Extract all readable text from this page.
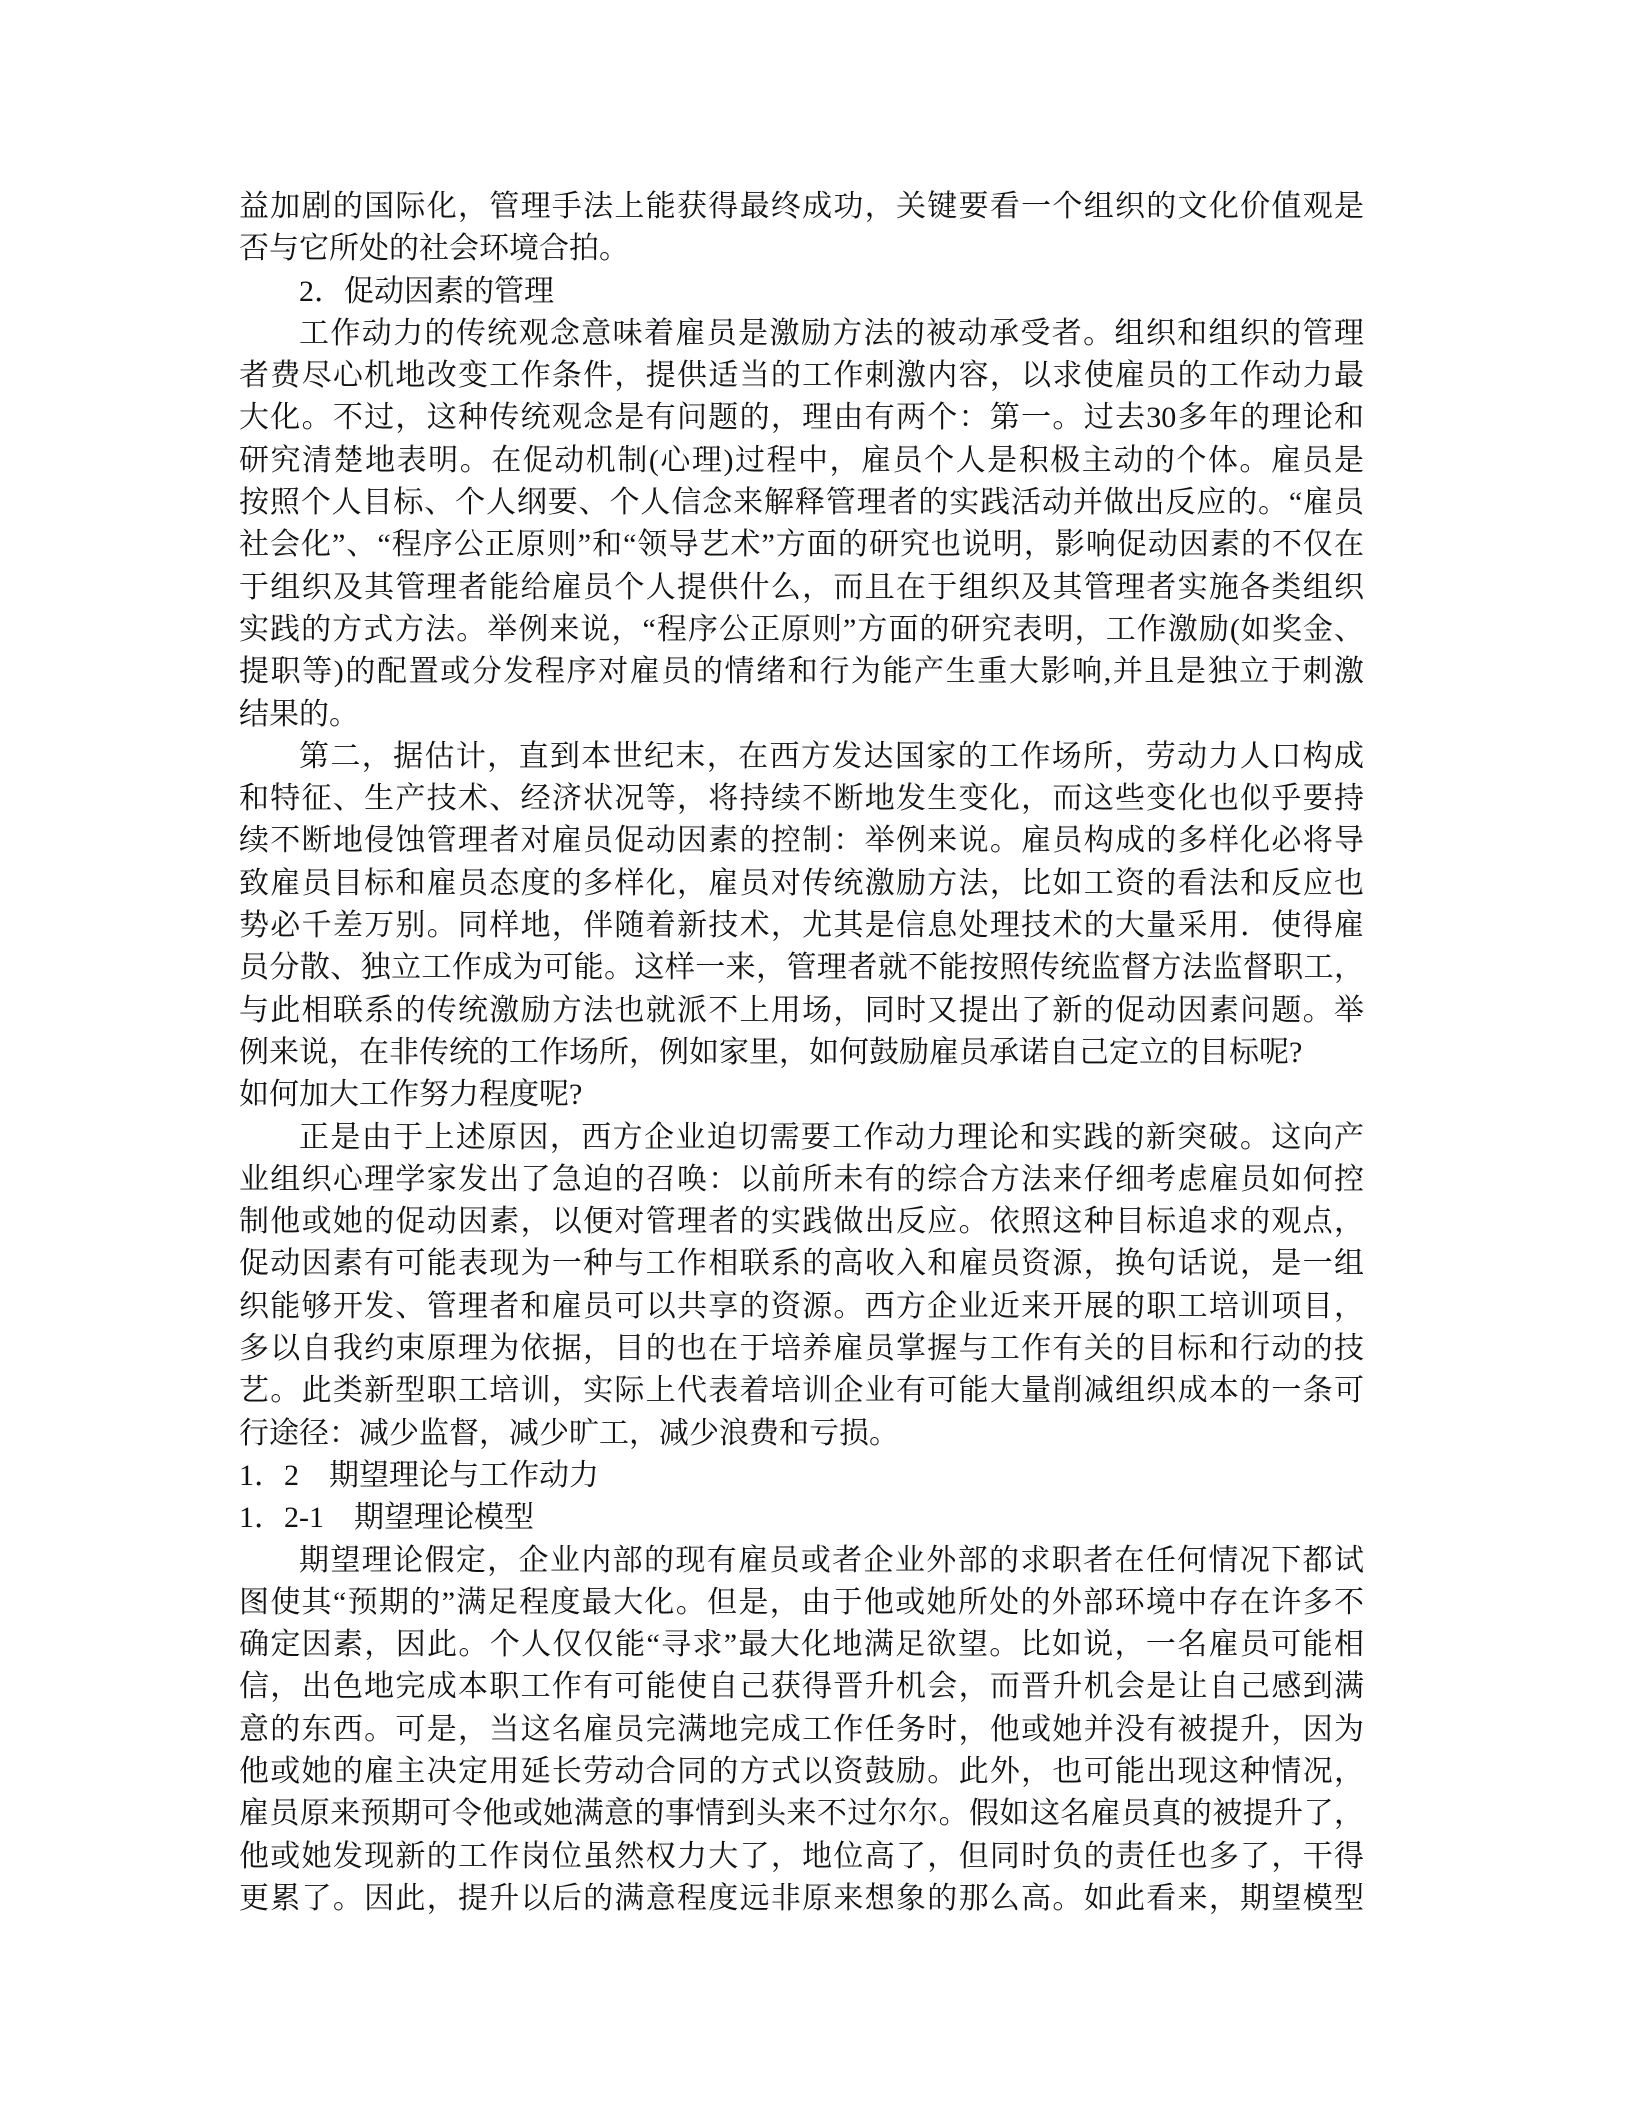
益加剧的国际化，管理手法上能获得最终成功，关键要看一个组织的文化价值观是
否与它所处的社会环境合拍。
2．促动因素的管理
工作动力的传统观念意味着雇员是激励方法的被动承受者。组织和组织的管理
者费尽心机地改变工作条件，提供适当的工作刺激内容，以求使雇员的工作动力最
大化。不过，这种传统观念是有问题的，理由有两个：第一。过去30多年的理论和
研究清楚地表明。在促动机制(心理)过程中，雇员个人是积极主动的个体。雇员是
按照个人目标、个人纲要、个人信念来解释管理者的实践活动并做出反应的。“雇员
社会化”、“程序公正原则”和“领导艺术”方面的研究也说明，影响促动因素的不仅在
于组织及其管理者能给雇员个人提供什么，而且在于组织及其管理者实施各类组织
实践的方式方法。举例来说，“程序公正原则”方面的研究表明，工作激励(如奖金、
提职等)的配置或分发程序对雇员的情绪和行为能产生重大影响,并且是独立于刺激
结果的。
第二，据估计，直到本世纪末，在西方发达国家的工作场所，劳动力人口构成
和特征、生产技术、经济状况等，将持续不断地发生变化，而这些变化也似乎要持
续不断地侵蚀管理者对雇员促动因素的控制：举例来说。雇员构成的多样化必将导
致雇员目标和雇员态度的多样化，雇员对传统激励方法，比如工资的看法和反应也
势必千差万别。同样地，伴随着新技术，尤其是信息处理技术的大量采用．使得雇
员分散、独立工作成为可能。这样一来，管理者就不能按照传统监督方法监督职工，
与此相联系的传统激励方法也就派不上用场，同时又提出了新的促动因素问题。举
例来说，在非传统的工作场所，例如家里，如何鼓励雇员承诺自己定立的目标呢?
如何加大工作努力程度呢?
正是由于上述原因，西方企业迫切需要工作动力理论和实践的新突破。这向产
业组织心理学家发出了急迫的召唤：以前所未有的综合方法来仔细考虑雇员如何控
制他或她的促动因素，以便对管理者的实践做出反应。依照这种目标追求的观点，
促动因素有可能表现为一种与工作相联系的高收入和雇员资源，换句话说，是一组
织能够开发、管理者和雇员可以共享的资源。西方企业近来开展的职工培训项目，
多以自我约束原理为依据，目的也在于培养雇员掌握与工作有关的目标和行动的技
艺。此类新型职工培训，实际上代表着培训企业有可能大量削减组织成本的一条可
行途径：减少监督，减少旷工，减少浪费和亏损。
1．2　期望理论与工作动力
1．2-1　期望理论模型
期望理论假定，企业内部的现有雇员或者企业外部的求职者在任何情况下都试
图使其“预期的”满足程度最大化。但是，由于他或她所处的外部环境中存在许多不
确定因素，因此。个人仅仅能“寻求”最大化地满足欲望。比如说，一名雇员可能相
信，出色地完成本职工作有可能使自己获得晋升机会，而晋升机会是让自己感到满
意的东西。可是，当这名雇员完满地完成工作任务时，他或她并没有被提升，因为
他或她的雇主决定用延长劳动合同的方式以资鼓励。此外，也可能出现这种情况，
雇员原来预期可令他或她满意的事情到头来不过尔尔。假如这名雇员真的被提升了，
他或她发现新的工作岗位虽然权力大了，地位高了，但同时负的责任也多了，干得
更累了。因此，提升以后的满意程度远非原来想象的那么高。如此看来，期望模型
